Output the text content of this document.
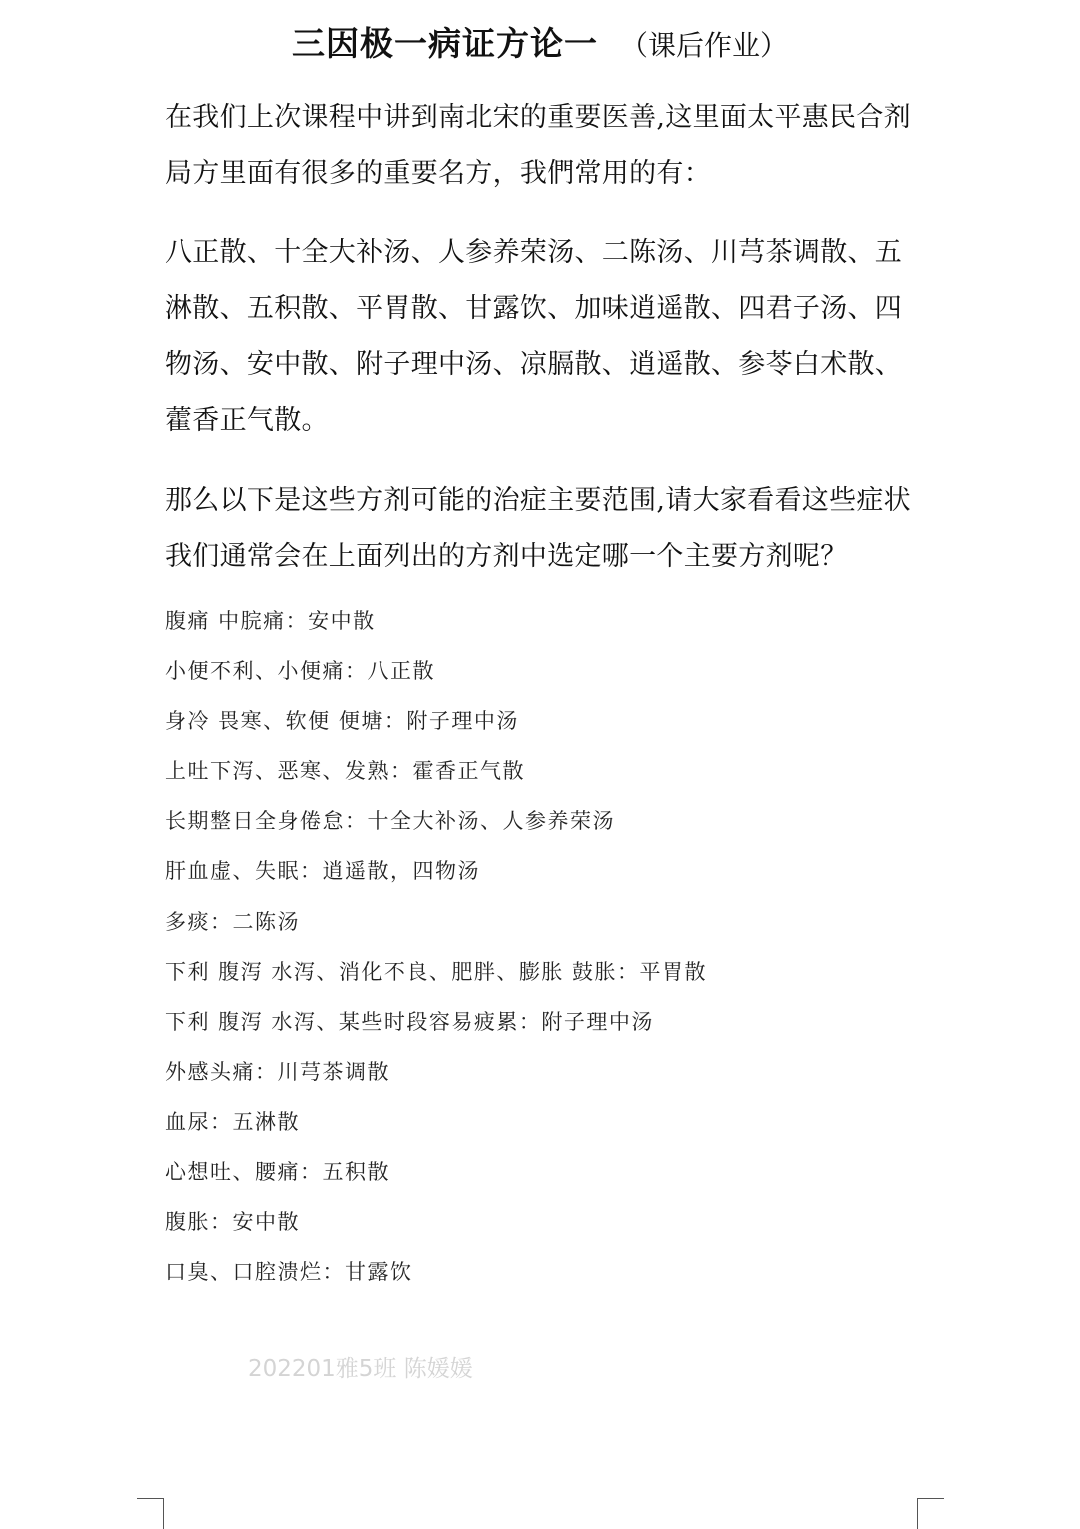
三因极一病证方论一 （课后作业）

在我们上次课程中讲到南北宋的重要医善,这里面太平惠民合剂局方里面有很多的重要名方，我們常用的有：

八正散、十全大补汤、人参养荣汤、二陈汤、川芎茶调散、五淋散、五积散、平胃散、甘露饮、加味逍遥散、四君子汤、四物汤、安中散、附子理中汤、凉膈散、逍遥散、参苓白术散、藿香正气散。

那么以下是这些方剂可能的治症主要范围,请大家看看这些症状我们通常会在上面列出的方剂中选定哪一个主要方剂呢？

腹痛 中脘痛：安中散
小便不利、小便痛：八正散
身冷 畏寒、软便 便塘：附子理中汤
上吐下泻、恶寒、发熟：霍香正气散
长期整日全身倦怠：十全大补汤、人参养荣汤
肝血虚、失眠：逍遥散，四物汤
多痰：二陈汤
下利 腹泻 水泻、消化不良、肥胖、膨胀 鼓胀：平胃散
下利 腹泻 水泻、某些时段容易疲累：附子理中汤
外感头痛：川芎茶调散
血尿：五淋散
心想吐、腰痛：五积散
腹胀：安中散
口臭、口腔溃烂：甘露饮
202201雅5班 陈媛媛
